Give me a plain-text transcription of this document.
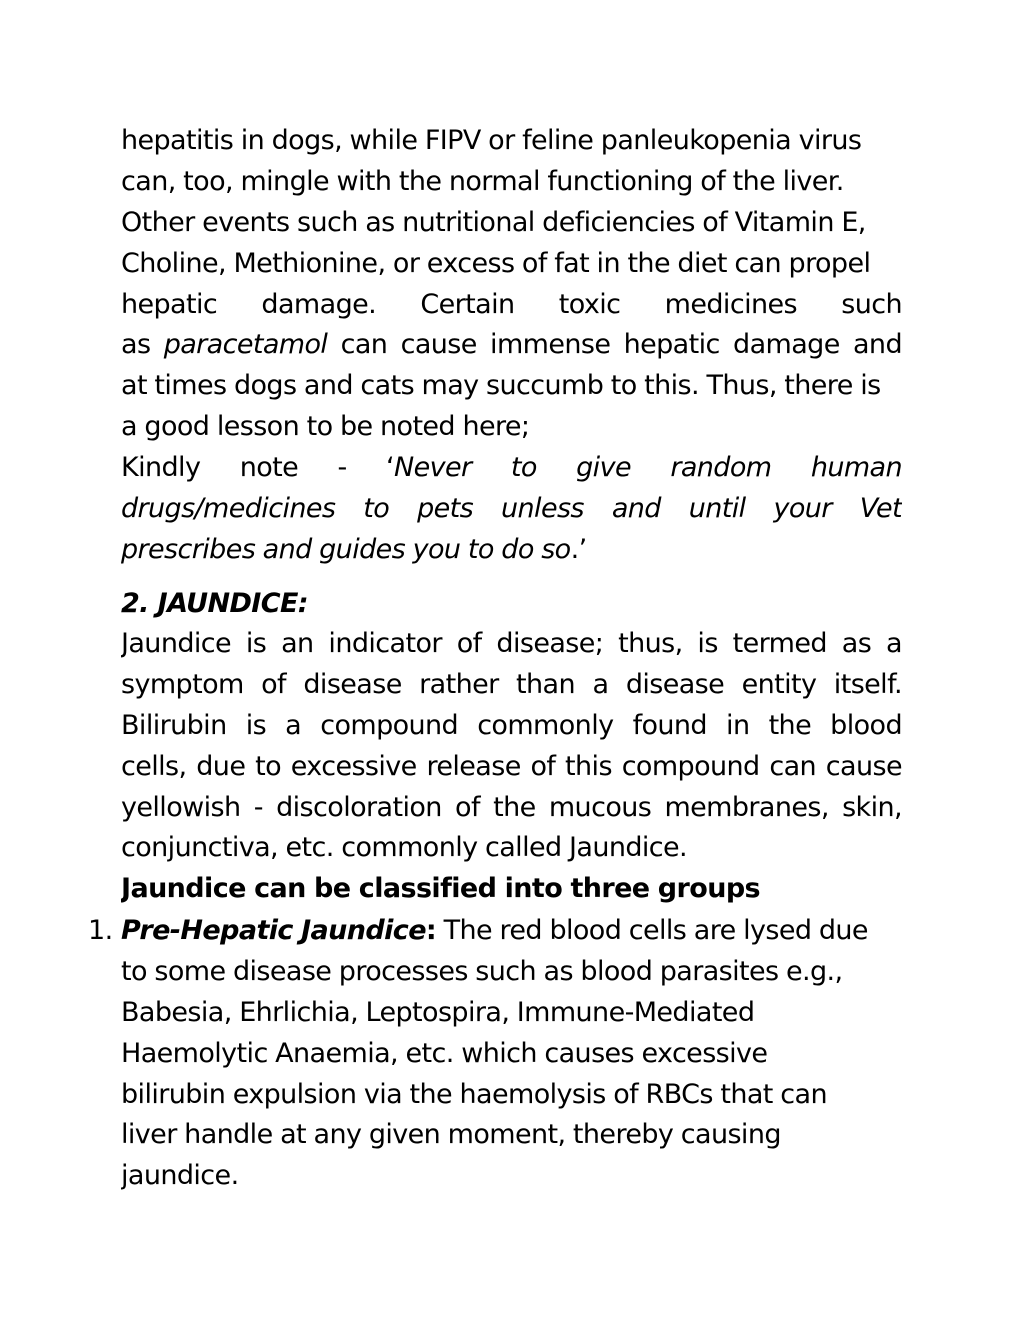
hepatitis in dogs, while FIPV or feline panleukopenia virus
can, too, mingle with the normal functioning of the liver.
Other events such as nutritional deficiencies of Vitamin E,
Choline, Methionine, or excess of fat in the diet can propel
hepatic damage. Certain toxic medicines such
as paracetamol can cause immense hepatic damage and
at times dogs and cats may succumb to this. Thus, there is
a good lesson to be noted here;
Kindly note - ‘Never to give random human
drugs/medicines to pets unless and until your Vet
prescribes and guides you to do so.’
2. JAUNDICE:
Jaundice is an indicator of disease; thus, is termed as a
symptom of disease rather than a disease entity itself.
Bilirubin is a compound commonly found in the blood
cells, due to excessive release of this compound can cause
yellowish - discoloration of the mucous membranes, skin,
conjunctiva, etc. commonly called Jaundice.
Jaundice can be classified into three groups
1. Pre-Hepatic Jaundice: The red blood cells are lysed due
to some disease processes such as blood parasites e.g.,
Babesia, Ehrlichia, Leptospira, Immune-Mediated
Haemolytic Anaemia, etc. which causes excessive
bilirubin expulsion via the haemolysis of RBCs that can
liver handle at any given moment, thereby causing
jaundice.
